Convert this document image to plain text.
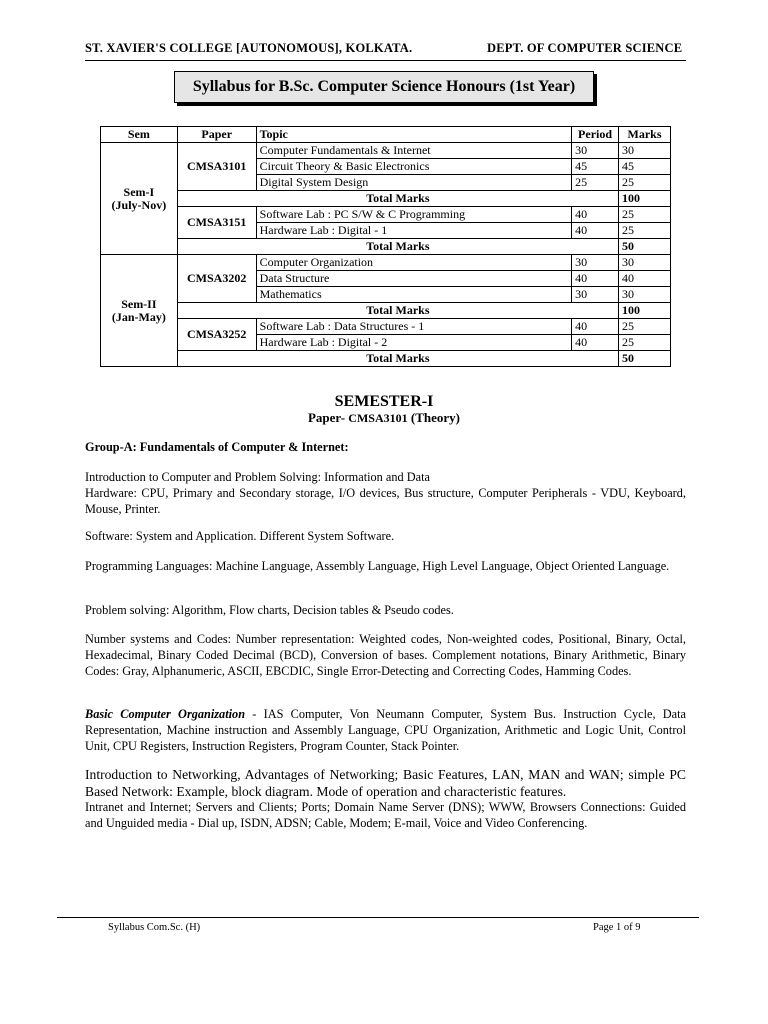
ST. XAVIER'S COLLEGE [AUTONOMOUS], KOLKATA.	DEPT. OF COMPUTER SCIENCE
Syllabus for B.Sc. Computer Science Honours (1st Year)
Sem	Paper	Topic	Period	Marks
Sem-I
(July-Nov)	CMSA3101	Computer Fundamentals & Internet	30	30
		Circuit Theory & Basic Electronics	45	45
		Digital System Design	25	25
	Total Marks			100
	CMSA3151	Software Lab : PC S/W & C Programming	40	25
		Hardware Lab : Digital - 1	40	25
	Total Marks			50
Sem-II
(Jan-May)	CMSA3202	Computer Organization	30	30
		Data Structure	40	40
		Mathematics	30	30
	Total Marks			100
	CMSA3252	Software Lab : Data Structures - 1	40	25
		Hardware Lab : Digital - 2	40	25
	Total Marks			50
SEMESTER-I
Paper- CMSA3101 (Theory)

Group-A: Fundamentals of Computer & Internet:

Introduction to Computer and Problem Solving: Information and Data

Hardware: CPU, Primary and Secondary storage, I/O devices, Bus structure, Computer Peripherals - VDU, Keyboard, Mouse, Printer.

Software: System and Application. Different System Software.

Programming Languages: Machine Language, Assembly Language, High Level Language, Object Oriented Language.

Problem solving: Algorithm, Flow charts, Decision tables & Pseudo codes.

Number systems and Codes: Number representation: Weighted codes, Non-weighted codes, Positional, Binary, Octal, Hexadecimal, Binary Coded Decimal (BCD), Conversion of bases. Complement notations, Binary Arithmetic, Binary Codes: Gray, Alphanumeric, ASCII, EBCDIC, Single Error-Detecting and Correcting Codes, Hamming Codes.

Basic Computer Organization - IAS Computer, Von Neumann Computer, System Bus. Instruction Cycle, Data Representation, Machine instruction and Assembly Language, CPU Organization, Arithmetic and Logic Unit, Control Unit, CPU Registers, Instruction Registers, Program Counter, Stack Pointer.

Introduction to Networking, Advantages of Networking; Basic Features, LAN, MAN and WAN; simple PC Based Network: Example, block diagram. Mode of operation and characteristic features.

Intranet and Internet; Servers and Clients; Ports; Domain Name Server (DNS); WWW, Browsers Connections: Guided and Unguided media - Dial up, ISDN, ADSN; Cable, Modem; E-mail, Voice and Video Conferencing.

Syllabus Com.Sc. (H)	Page 1 of 9
